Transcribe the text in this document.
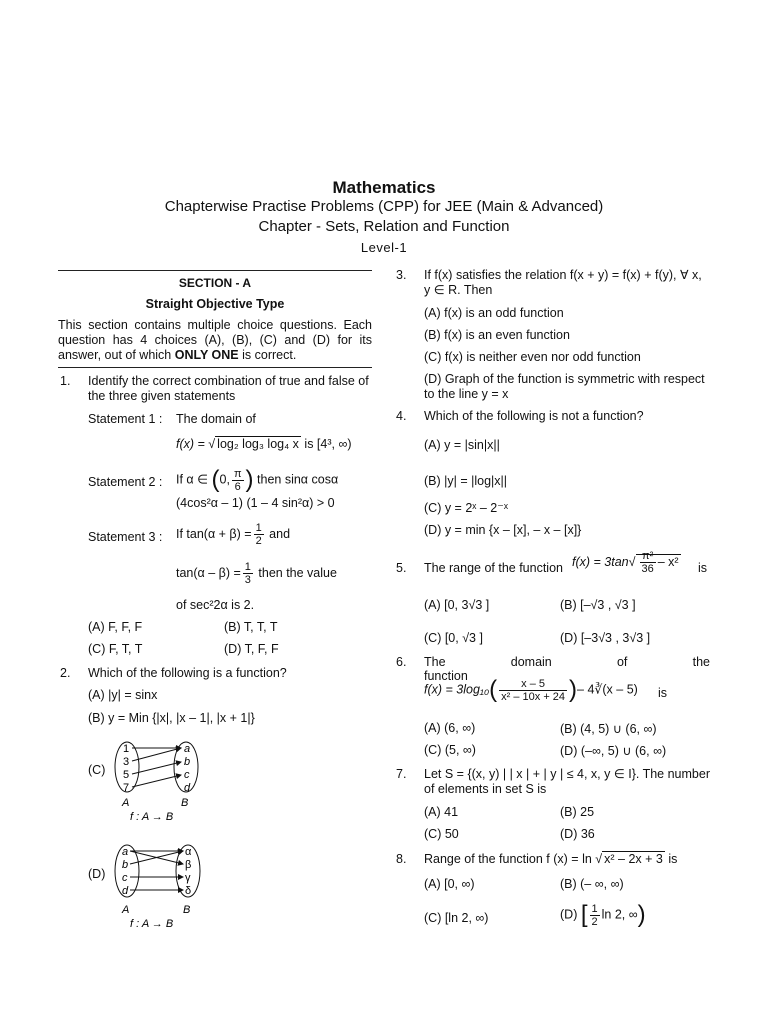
Mathematics
Chapterwise Practise Problems (CPP) for JEE (Main & Advanced)
Chapter - Sets, Relation and Function
Level-1
SECTION - A
Straight Objective Type
This section contains multiple choice questions. Each question has 4 choices (A), (B), (C) and (D) for its answer, out of which ONLY ONE is correct.
1. Identify the correct combination of true and false of the three given statements
Statement 1 : The domain of
f(x) = √ log₂ log₃ log₄ x is [4³, ∞)
Statement 2 : If α ∈ (0, $\frac{\pi}{6}$ ) then sinα cosα
(4cos²α – 1) (1 – 4 sin²α) > 0
Statement 3 : If $\tan(\alpha + \beta) = \frac{1}{2}$ and
$\tan(\alpha - \beta) = \frac{1}{3}$ then the value
of sec²2α is 2.
(A) F, F, F	(B) T, T, T
(C) F, T, T	(D) T, F, F
2. Which of the following is a function?
(A) |y| = sinx
(B) y = Min {|x|, |x – 1|, |x + 1|}
(C)
1
3
5
7
a
b
c
d
A	B
f : A → B
(D)
a
b
c
d
α
β
γ
δ
A	B
f : A → B
3. If f(x) satisfies the relation f(x + y) = f(x) + f(y), ∀ x, y ∈ R. Then
(A) f(x) is an odd function
(B) f(x) is an even function
(C) f(x) is neither even nor odd function
(D) Graph of the function is symmetric with respect to the line y = x
4. Which of the following is not a function?
(A) y = |sin|x||
(B) |y| = |log|x||
(C) y = 2ˣ – 2⁻ˣ
(D) y = min {x – [x], – x – [x]}
5. The range of the function $f(x) = 3\tan√ \frac{\text{π²}}{36} - x^2$ is
(A) [0, 3√3 ]	(B) [–√3 , √3 ]
(C) [0, √3 ]	(D) [–3√3 , 3√3 ]
6. The domain of the function
$f(x) = 3\log_{10}( \frac{x - 5}{\text{x² – 10x + 24}}$ )– 4∛(x – 5) is
(A) (6, ∞)	(B) (4, 5) ∪ (6, ∞)
(C) (5, ∞)	(D) (–∞, 5) ∪ (6, ∞)
7. Let S = {(x, y) | | x | + | y | ≤ 4, x, y ∈ I}. The number of elements in set S is
(A) 41	(B) 25
(C) 50	(D) 36
8. Range of the function f (x) = ln √ x² – 2x + 3 is
(A) [0, ∞)	(B) (– ∞, ∞)
(C) [ln 2, ∞)	(D) [ $\frac{1}{2}$ ln 2, ∞)
